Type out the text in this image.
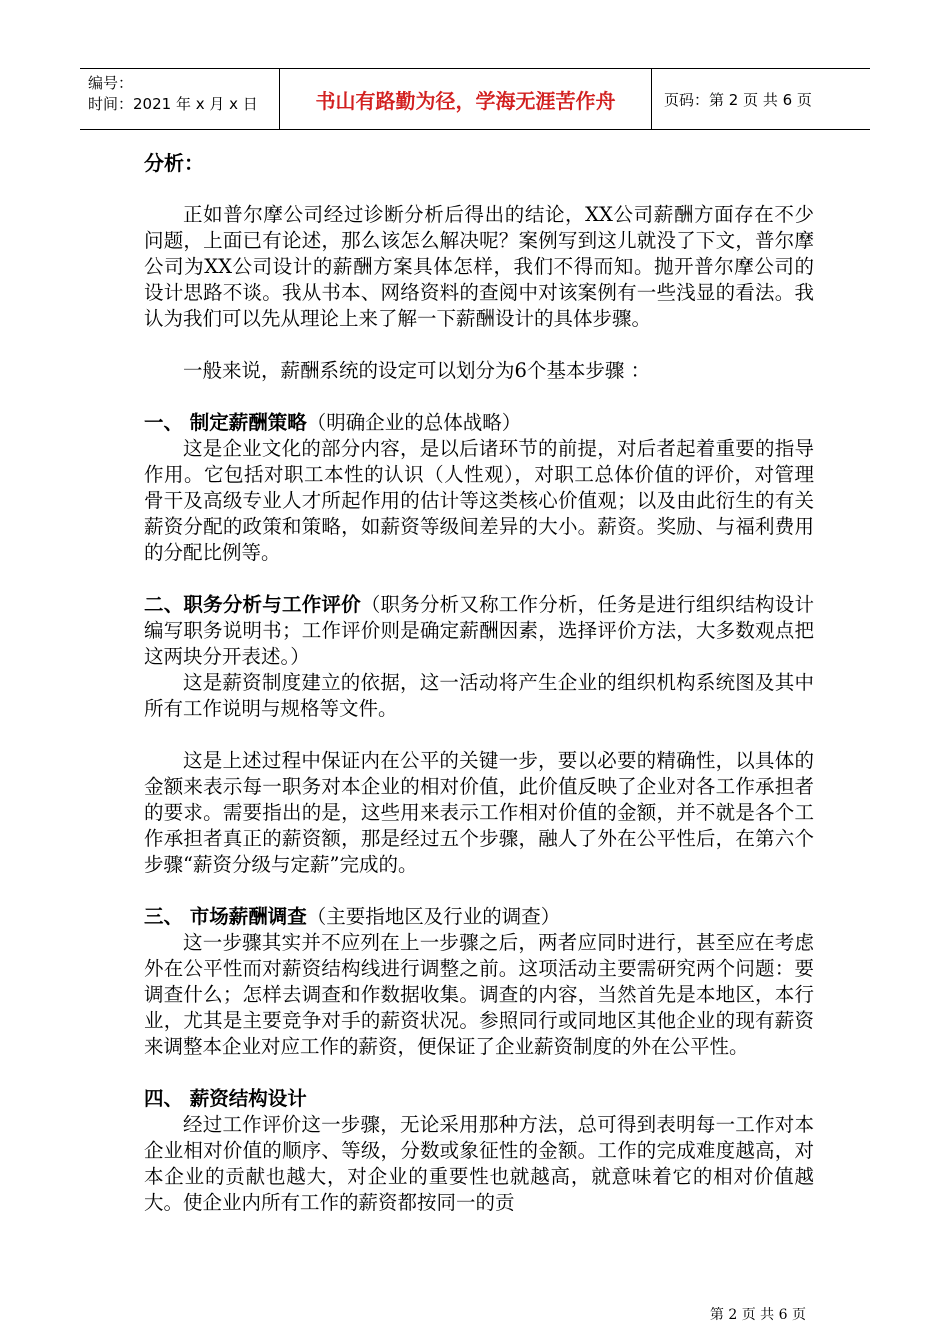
编号：
时间：2021 年 x 月 x 日	书山有路勤为径，学海无涯苦作舟	页码：第 2 页 共 6 页

分析：

正如普尔摩公司经过诊断分析后得出的结论，XX公司薪酬方面存在不少问题，上面已有论述，那么该怎么解决呢？案例写到这儿就没了下文，普尔摩公司为XX公司设计的薪酬方案具体怎样，我们不得而知。抛开普尔摩公司的设计思路不谈。我从书本、网络资料的查阅中对该案例有一些浅显的看法。我认为我们可以先从理论上来了解一下薪酬设计的具体步骤。

一般来说，薪酬系统的设定可以划分为6个基本步骤 ：

一、 制定薪酬策略（明确企业的总体战略）

这是企业文化的部分内容，是以后诸环节的前提，对后者起着重要的指导作用。它包括对职工本性的认识（人性观），对职工总体价值的评价，对管理骨干及高级专业人才所起作用的估计等这类核心价值观；以及由此衍生的有关薪资分配的政策和策略，如薪资等级间差异的大小。薪资。奖励、与福利费用的分配比例等。

二、职务分析与工作评价（职务分析又称工作分析，任务是进行组织结构设计编写职务说明书；工作评价则是确定薪酬因素，选择评价方法，大多数观点把这两块分开表述。）

这是薪资制度建立的依据，这一活动将产生企业的组织机构系统图及其中所有工作说明与规格等文件。

这是上述过程中保证内在公平的关键一步，要以必要的精确性，以具体的金额来表示每一职务对本企业的相对价值，此价值反映了企业对各工作承担者的要求。需要指出的是，这些用来表示工作相对价值的金额，并不就是各个工作承担者真正的薪资额，那是经过五个步骤，融人了外在公平性后，在第六个步骤“薪资分级与定薪”完成的。

三、 市场薪酬调查（主要指地区及行业的调查）

这一步骤其实并不应列在上一步骤之后，两者应同时进行，甚至应在考虑外在公平性而对薪资结构线进行调整之前。这项活动主要需研究两个问题：要调查什么；怎样去调查和作数据收集。调查的内容，当然首先是本地区，本行业，尤其是主要竞争对手的薪资状况。参照同行或同地区其他企业的现有薪资来调整本企业对应工作的薪资，便保证了企业薪资制度的外在公平性。

四、 薪资结构设计

经过工作评价这一步骤，无论采用那种方法，总可得到表明每一工作对本企业相对价值的顺序、等级，分数或象征性的金额。工作的完成难度越高，对本企业的贡献也越大，对企业的重要性也就越高，就意味着它的相对价值越大。使企业内所有工作的薪资都按同一的贡

第 2 页 共 6 页
